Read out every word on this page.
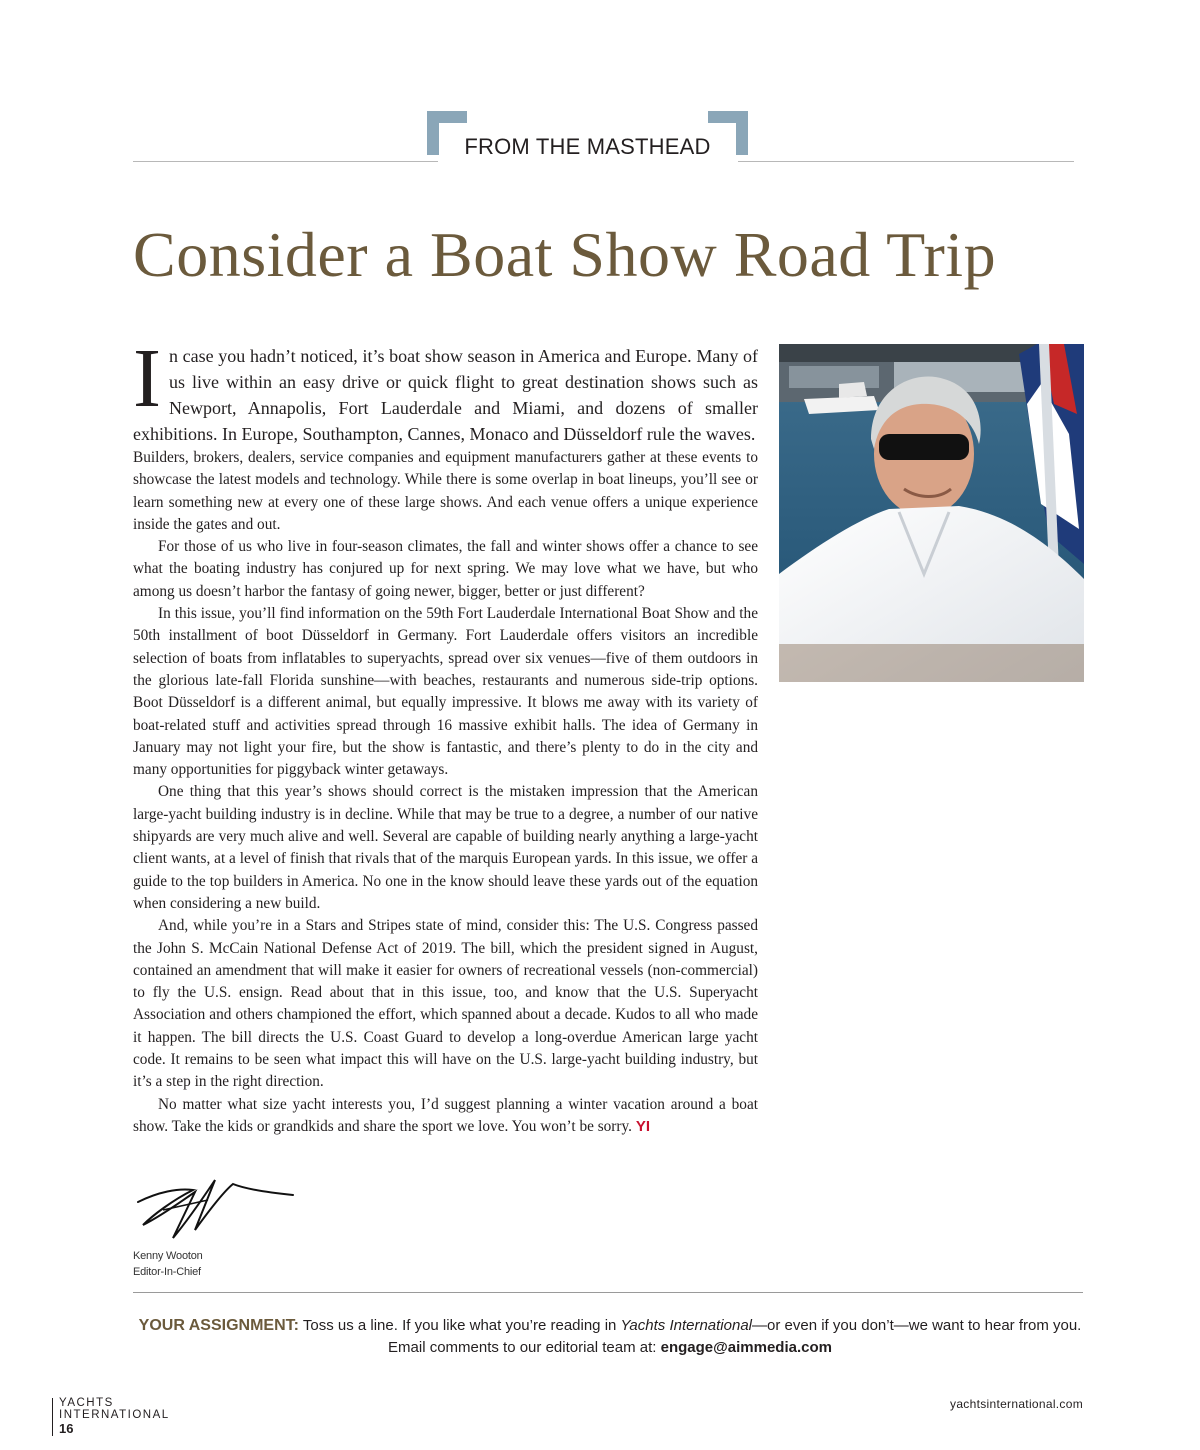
FROM THE MASTHEAD
Consider a Boat Show Road Trip

In case you hadn’t noticed, it’s boat show season in America and Europe. Many of us live within an easy drive or quick flight to great destination shows such as Newport, Annapolis, Fort Lauderdale and Miami, and dozens of smaller exhibitions. In Europe, Southampton, Cannes, Monaco and Düsseldorf rule the waves.

Builders, brokers, dealers, service companies and equipment manufacturers gather at these events to showcase the latest models and technology. While there is some overlap in boat lineups, you’ll see or learn something new at every one of these large shows. And each venue offers a unique experience inside the gates and out.

For those of us who live in four-season climates, the fall and winter shows offer a chance to see what the boating industry has conjured up for next spring. We may love what we have, but who among us doesn’t harbor the fantasy of going newer, bigger, better or just different?

In this issue, you’ll find information on the 59th Fort Lauderdale International Boat Show and the 50th installment of boot Düsseldorf in Germany. Fort Lauderdale offers visitors an incredible selection of boats from inflatables to superyachts, spread over six venues—five of them outdoors in the glorious late-fall Florida sunshine—with beaches, restaurants and numerous side-trip options. Boot Düsseldorf is a different animal, but equally impressive. It blows me away with its variety of boat-related stuff and activities spread through 16 massive exhibit halls. The idea of Germany in January may not light your fire, but the show is fantastic, and there’s plenty to do in the city and many opportunities for piggyback winter getaways.

One thing that this year’s shows should correct is the mistaken impression that the American large-yacht building industry is in decline. While that may be true to a degree, a number of our native shipyards are very much alive and well. Several are capable of building nearly anything a large-yacht client wants, at a level of finish that rivals that of the marquis European yards. In this issue, we offer a guide to the top builders in America. No one in the know should leave these yards out of the equation when considering a new build.

And, while you’re in a Stars and Stripes state of mind, consider this: The U.S. Congress passed the John S. McCain National Defense Act of 2019. The bill, which the president signed in August, contained an amendment that will make it easier for owners of recreational vessels (non-commercial) to fly the U.S. ensign. Read about that in this issue, too, and know that the U.S. Superyacht Association and others championed the effort, which spanned about a decade. Kudos to all who made it happen. The bill directs the U.S. Coast Guard to develop a long-overdue American large yacht code. It remains to be seen what impact this will have on the U.S. large-yacht building industry, but it’s a step in the right direction.

No matter what size yacht interests you, I’d suggest planning a winter vacation around a boat show. Take the kids or grandkids and share the sport we love. You won’t be sorry. YI

Kenny Wooton
Editor-In-Chief
YOUR ASSIGNMENT: Toss us a line. If you like what you’re reading in Yachts International—or even if you don’t—we want to hear from you.
Email comments to our editorial team at: engage@aimmedia.com
YACHTS
INTERNATIONAL
16
yachtsinternational.com
